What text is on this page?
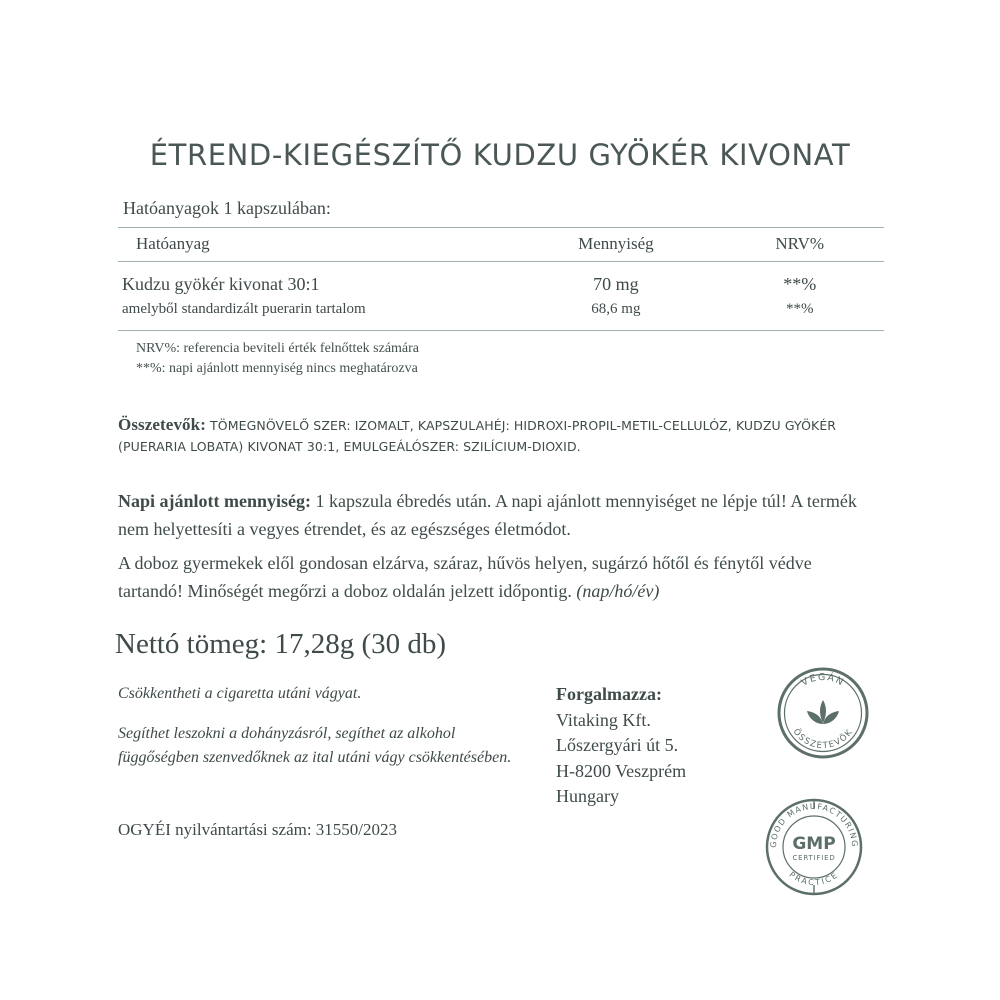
ÉTREND-KIEGÉSZÍTŐ KUDZU GYÖKÉR KIVONAT
Hatóanyagok 1 kapszulában:
Hatóanyag	Mennyiség	NRV%
Kudzu gyökér kivonat 30:1	70 mg	**%
amelyből standardizált puerarin tartalom	68,6 mg	**%
NRV%: referencia beviteli érték felnőttek számára
**%: napi ajánlott mennyiség nincs meghatározva
Összetevők: TÖMEGNÖVELŐ SZER: IZOMALT, KAPSZULAHÉJ: HIDROXI-PROPIL-METIL-CELLULÓZ, KUDZU GYÖKÉR (PUERARIA LOBATA) KIVONAT 30:1, EMULGEÁLÓSZER: SZILÍCIUM-DIOXID.
Napi ajánlott mennyiség: 1 kapszula ébredés után. A napi ajánlott mennyiséget ne lépje túl! A termék nem helyettesíti a vegyes étrendet, és az egészséges életmódot.
A doboz gyermekek elől gondosan elzárva, száraz, hűvös helyen, sugárzó hőtől és fénytől védve tartandó! Minőségét megőrzi a doboz oldalán jelzett időpontig. (nap/hó/év)
Nettó tömeg: 17,28g (30 db)

Csökkentheti a cigaretta utáni vágyat.

Segíthet leszokni a dohányzásról, segíthet az alkohol függőségben szenvedőknek az ital utáni vágy csökkentésében.

OGYÉI nyilvántartási szám: 31550/2023
Forgalmazza:
Vitaking Kft.
Lőszergyári út 5.
H-8200 Veszprém
Hungary
VEGÁN
ÖSSZETEVŐK
GOOD MANUFACTURING
PRACTICE
GMP
CERTIFIED
